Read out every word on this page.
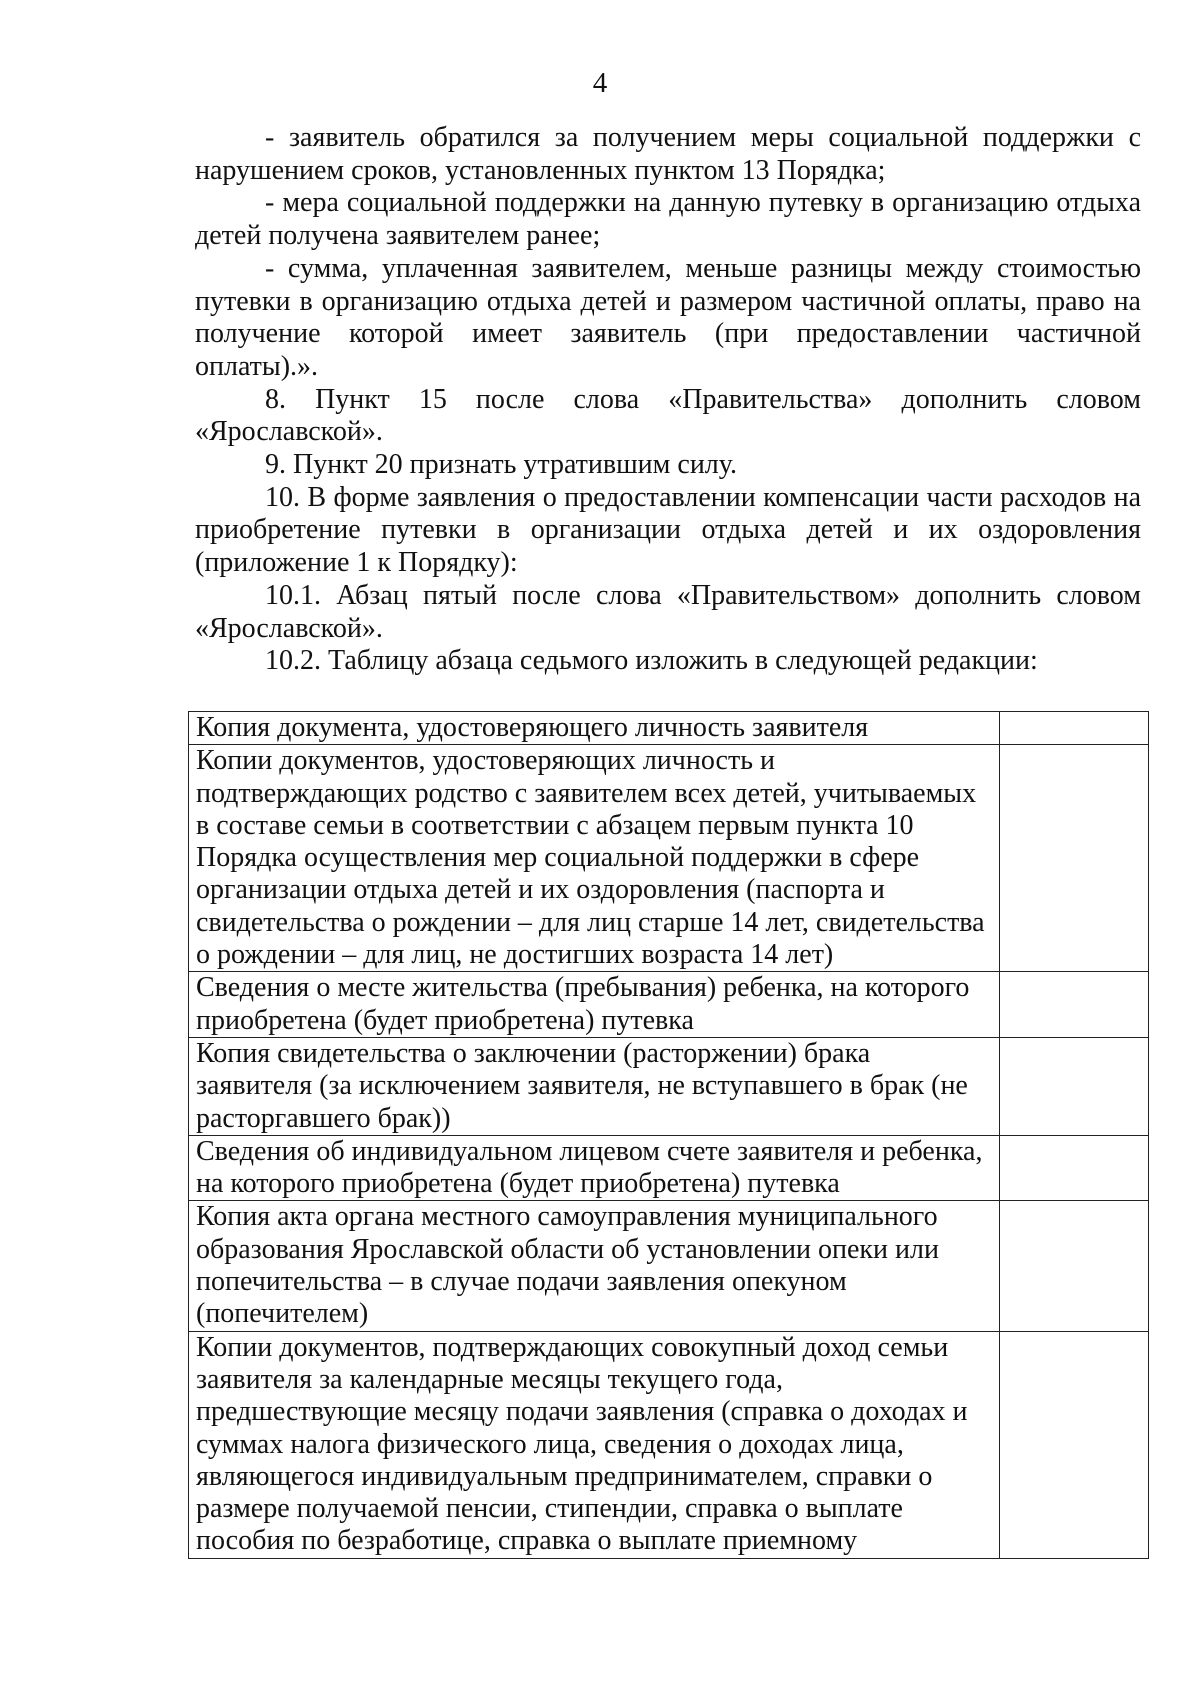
4

- заявитель обратился за получением меры социальной поддержки с нарушением сроков, установленных пунктом 13 Порядка;

- мера социальной поддержки на данную путевку в организацию отдыха детей получена заявителем ранее;

- сумма, уплаченная заявителем, меньше разницы между стоимостью путевки в организацию отдыха детей и размером частичной оплаты, право на получение которой имеет заявитель (при предоставлении частичной оплаты).».

8. Пункт 15 после слова «Правительства» дополнить словом «Ярославской».

9. Пункт 20 признать утратившим силу.

10. В форме заявления о предоставлении компенсации части расходов на приобретение путевки в организации отдыха детей и их оздоровления (приложение 1 к Порядку):

10.1. Абзац пятый после слова «Правительством» дополнить словом «Ярославской».

10.2. Таблицу абзаца седьмого изложить в следующей редакции:

Копия документа, удостоверяющего личность заявителя	
Копии документов, удостоверяющих личность и подтверждающих родство с заявителем всех детей, учитываемых в составе семьи в соответствии с абзацем первым пункта 10 Порядка осуществления мер социальной поддержки в сфере организации отдыха детей и их оздоровления (паспорта и свидетельства о рождении – для лиц старше 14 лет, свидетельства о рождении – для лиц, не достигших возраста 14 лет)	
Сведения о месте жительства (пребывания) ребенка, на которого приобретена (будет приобретена) путевка	
Копия свидетельства о заключении (расторжении) брака заявителя (за исключением заявителя, не вступавшего в брак (не расторгавшего брак))	
Сведения об индивидуальном лицевом счете заявителя и ребенка, на которого приобретена (будет приобретена) путевка	
Копия акта органа местного самоуправления муниципального образования Ярославской области об установлении опеки или попечительства – в случае подачи заявления опекуном (попечителем)	
Копии документов, подтверждающих совокупный доход семьи заявителя за календарные месяцы текущего года, предшествующие месяцу подачи заявления (справка о доходах и суммах налога физического лица, сведения о доходах лица, являющегося индивидуальным предпринимателем, справки о размере получаемой пенсии, стипендии, справка о выплате пособия по безработице, справка о выплате приемному	
